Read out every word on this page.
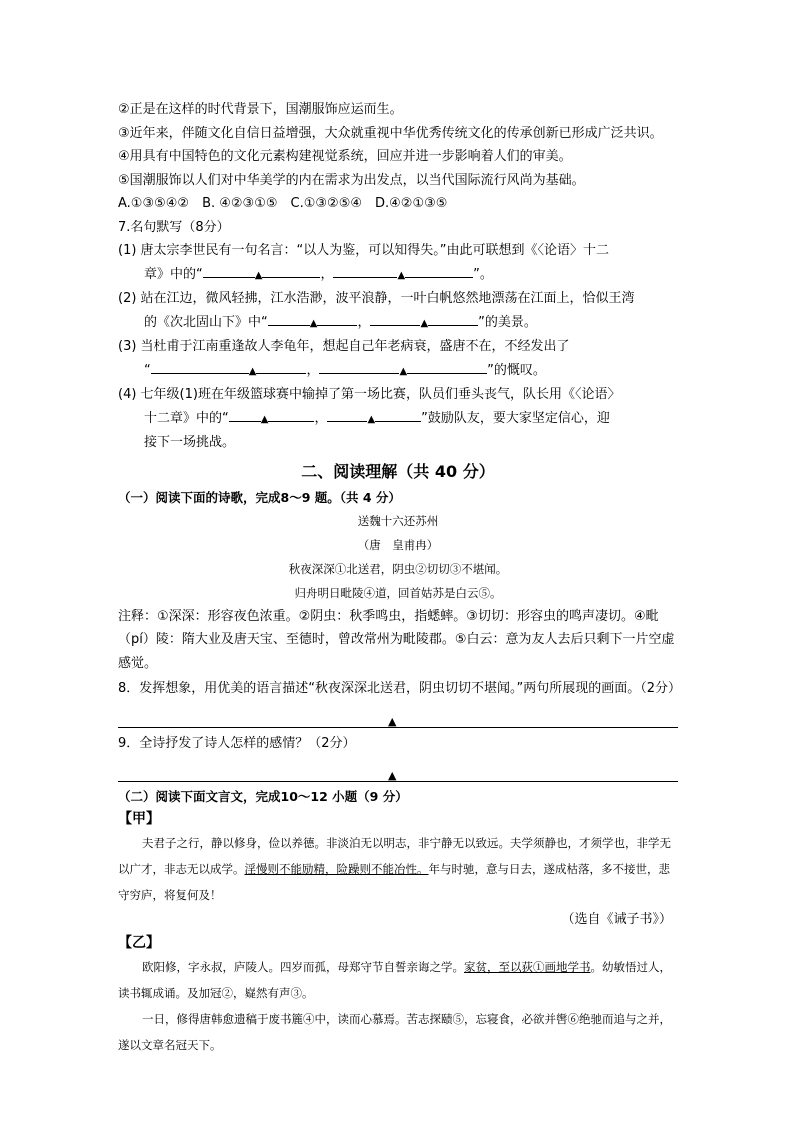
②正是在这样的时代背景下，国潮服饰应运而生。

③近年来，伴随文化自信日益增强，大众就重视中华优秀传统文化的传承创新已形成广泛共识。

④用具有中国特色的文化元素构建视觉系统，回应并进一步影响着人们的审美。

⑤国潮服饰以人们对中华美学的内在需求为出发点，以当代国际流行风尚为基础。

A.①③⑤④②　B. ④②③①⑤　C.①③②⑤④　D.④②①③⑤

7.名句默写（8分）

(1) 唐太宗李世民有一句名言：“以人为鉴，可以知得失。”由此可联想到《〈论语〉十二

章》中的“	▲	，	▲	”。

(2) 站在江边，微风轻拂，江水浩渺，波平浪静，一叶白帆悠然地漂荡在江面上，恰似王湾

的《次北固山下》中“	▲	，	▲	”的美景。

(3) 当杜甫于江南重逢故人李龟年，想起自己年老病衰，盛唐不在，不经发出了

“	▲	，	▲	”的慨叹。

(4) 七年级(1)班在年级篮球赛中输掉了第一场比赛，队员们垂头丧气，队长用《〈论语〉

十二章》中的“	▲	，	▲	”鼓励队友，要大家坚定信心，迎

接下一场挑战。

二、阅读理解（共 40 分）

（一）阅读下面的诗歌，完成8～9 题。（共 4 分）

送魏十六还苏州

（唐　皇甫冉）

秋夜深深①北送君，阴虫②切切③不堪闻。

归舟明日毗陵④道，回首姑苏是白云⑤。

注释：①深深：形容夜色浓重。②阴虫：秋季鸣虫，指蟋蟀。③切切：形容虫的鸣声凄切。④毗（pí）陵：隋大业及唐天宝、至德时，曾改常州为毗陵郡。⑤白云：意为友人去后只剩下一片空虚感觉。

8．发挥想象，用优美的语言描述“秋夜深深北送君，阴虫切切不堪闻。”两句所展现的画面。（2分）

▲

9．全诗抒发了诗人怎样的感情？（2分）

▲

（二）阅读下面文言文，完成10～12 小题（9 分）

【甲】

夫君子之行，静以修身，俭以养德。非淡泊无以明志，非宁静无以致远。夫学须静也，才须学也，非学无以广才，非志无以成学。淫慢则不能励精，险躁则不能冶性。年与时驰，意与日去，遂成枯落，多不接世，悲守穷庐，将复何及！

（选自《诫子书》）

【乙】

欧阳修，字永叔，庐陵人。四岁而孤，母郑守节自誓亲诲之学。家贫，至以荻①画地学书。幼敏悟过人，读书辄成诵。及加冠②，嶷然有声③。

一日，修得唐韩愈遗稿于废书簏④中，读而心慕焉。苦志探赜⑤，忘寝食，必欲并辔⑥绝驰而追与之并，遂以文章名冠天下。
